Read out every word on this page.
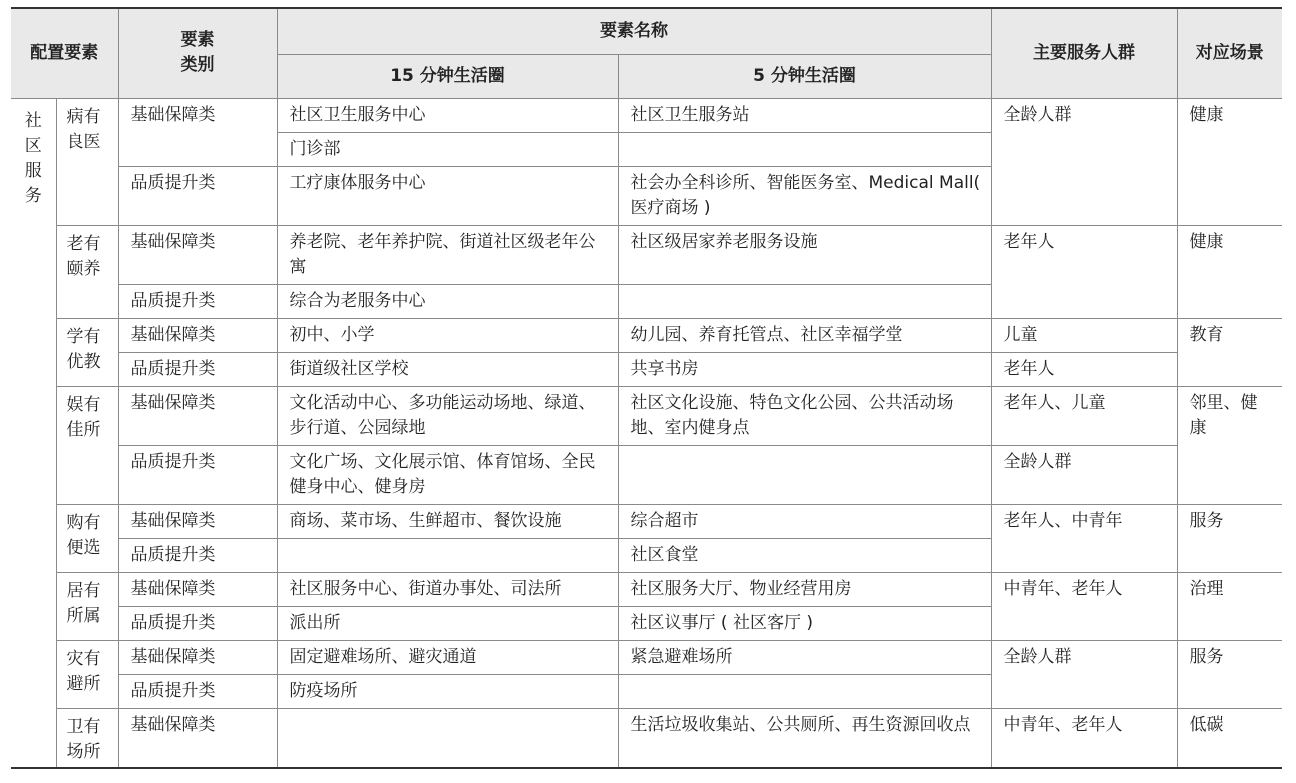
配置要素		要素类别	要素名称		主要服务人群	对应场景
			15 分钟生活圈	5 分钟生活圈		

社区服务	病有良医	基础保障类	社区卫生服务中心	社区卫生服务站	全龄人群	健康
			门诊部			
		品质提升类	工疗康体服务中心	社会办全科诊所、智能医务室、Medical Mall( 医疗商场 )		

	老有颐养	基础保障类	养老院、老年养护院、街道社区级老年公寓	社区级居家养老服务设施	老年人	健康
		品质提升类	综合为老服务中心			

	学有优教	基础保障类	初中、小学	幼儿园、养育托管点、社区幸福学堂	儿童	教育
		品质提升类	街道级社区学校	共享书房	老年人	

	娱有佳所	基础保障类	文化活动中心、多功能运动场地、绿道、步行道、公园绿地	社区文化设施、特色文化公园、公共活动场地、室内健身点	老年人、儿童	邻里、健康
		品质提升类	文化广场、文化展示馆、体育馆场、全民健身中心、健身房		全龄人群	

	购有便选	基础保障类	商场、菜市场、生鲜超市、餐饮设施	综合超市	老年人、中青年	服务
		品质提升类		社区食堂		

	居有所属	基础保障类	社区服务中心、街道办事处、司法所	社区服务大厅、物业经营用房	中青年、老年人	治理
		品质提升类	派出所	社区议事厅 ( 社区客厅 )		

	灾有避所	基础保障类	固定避难场所、避灾通道	紧急避难场所	全龄人群	服务
		品质提升类	防疫场所			

	卫有场所	基础保障类		生活垃圾收集站、公共厕所、再生资源回收点	中青年、老年人	低碳
